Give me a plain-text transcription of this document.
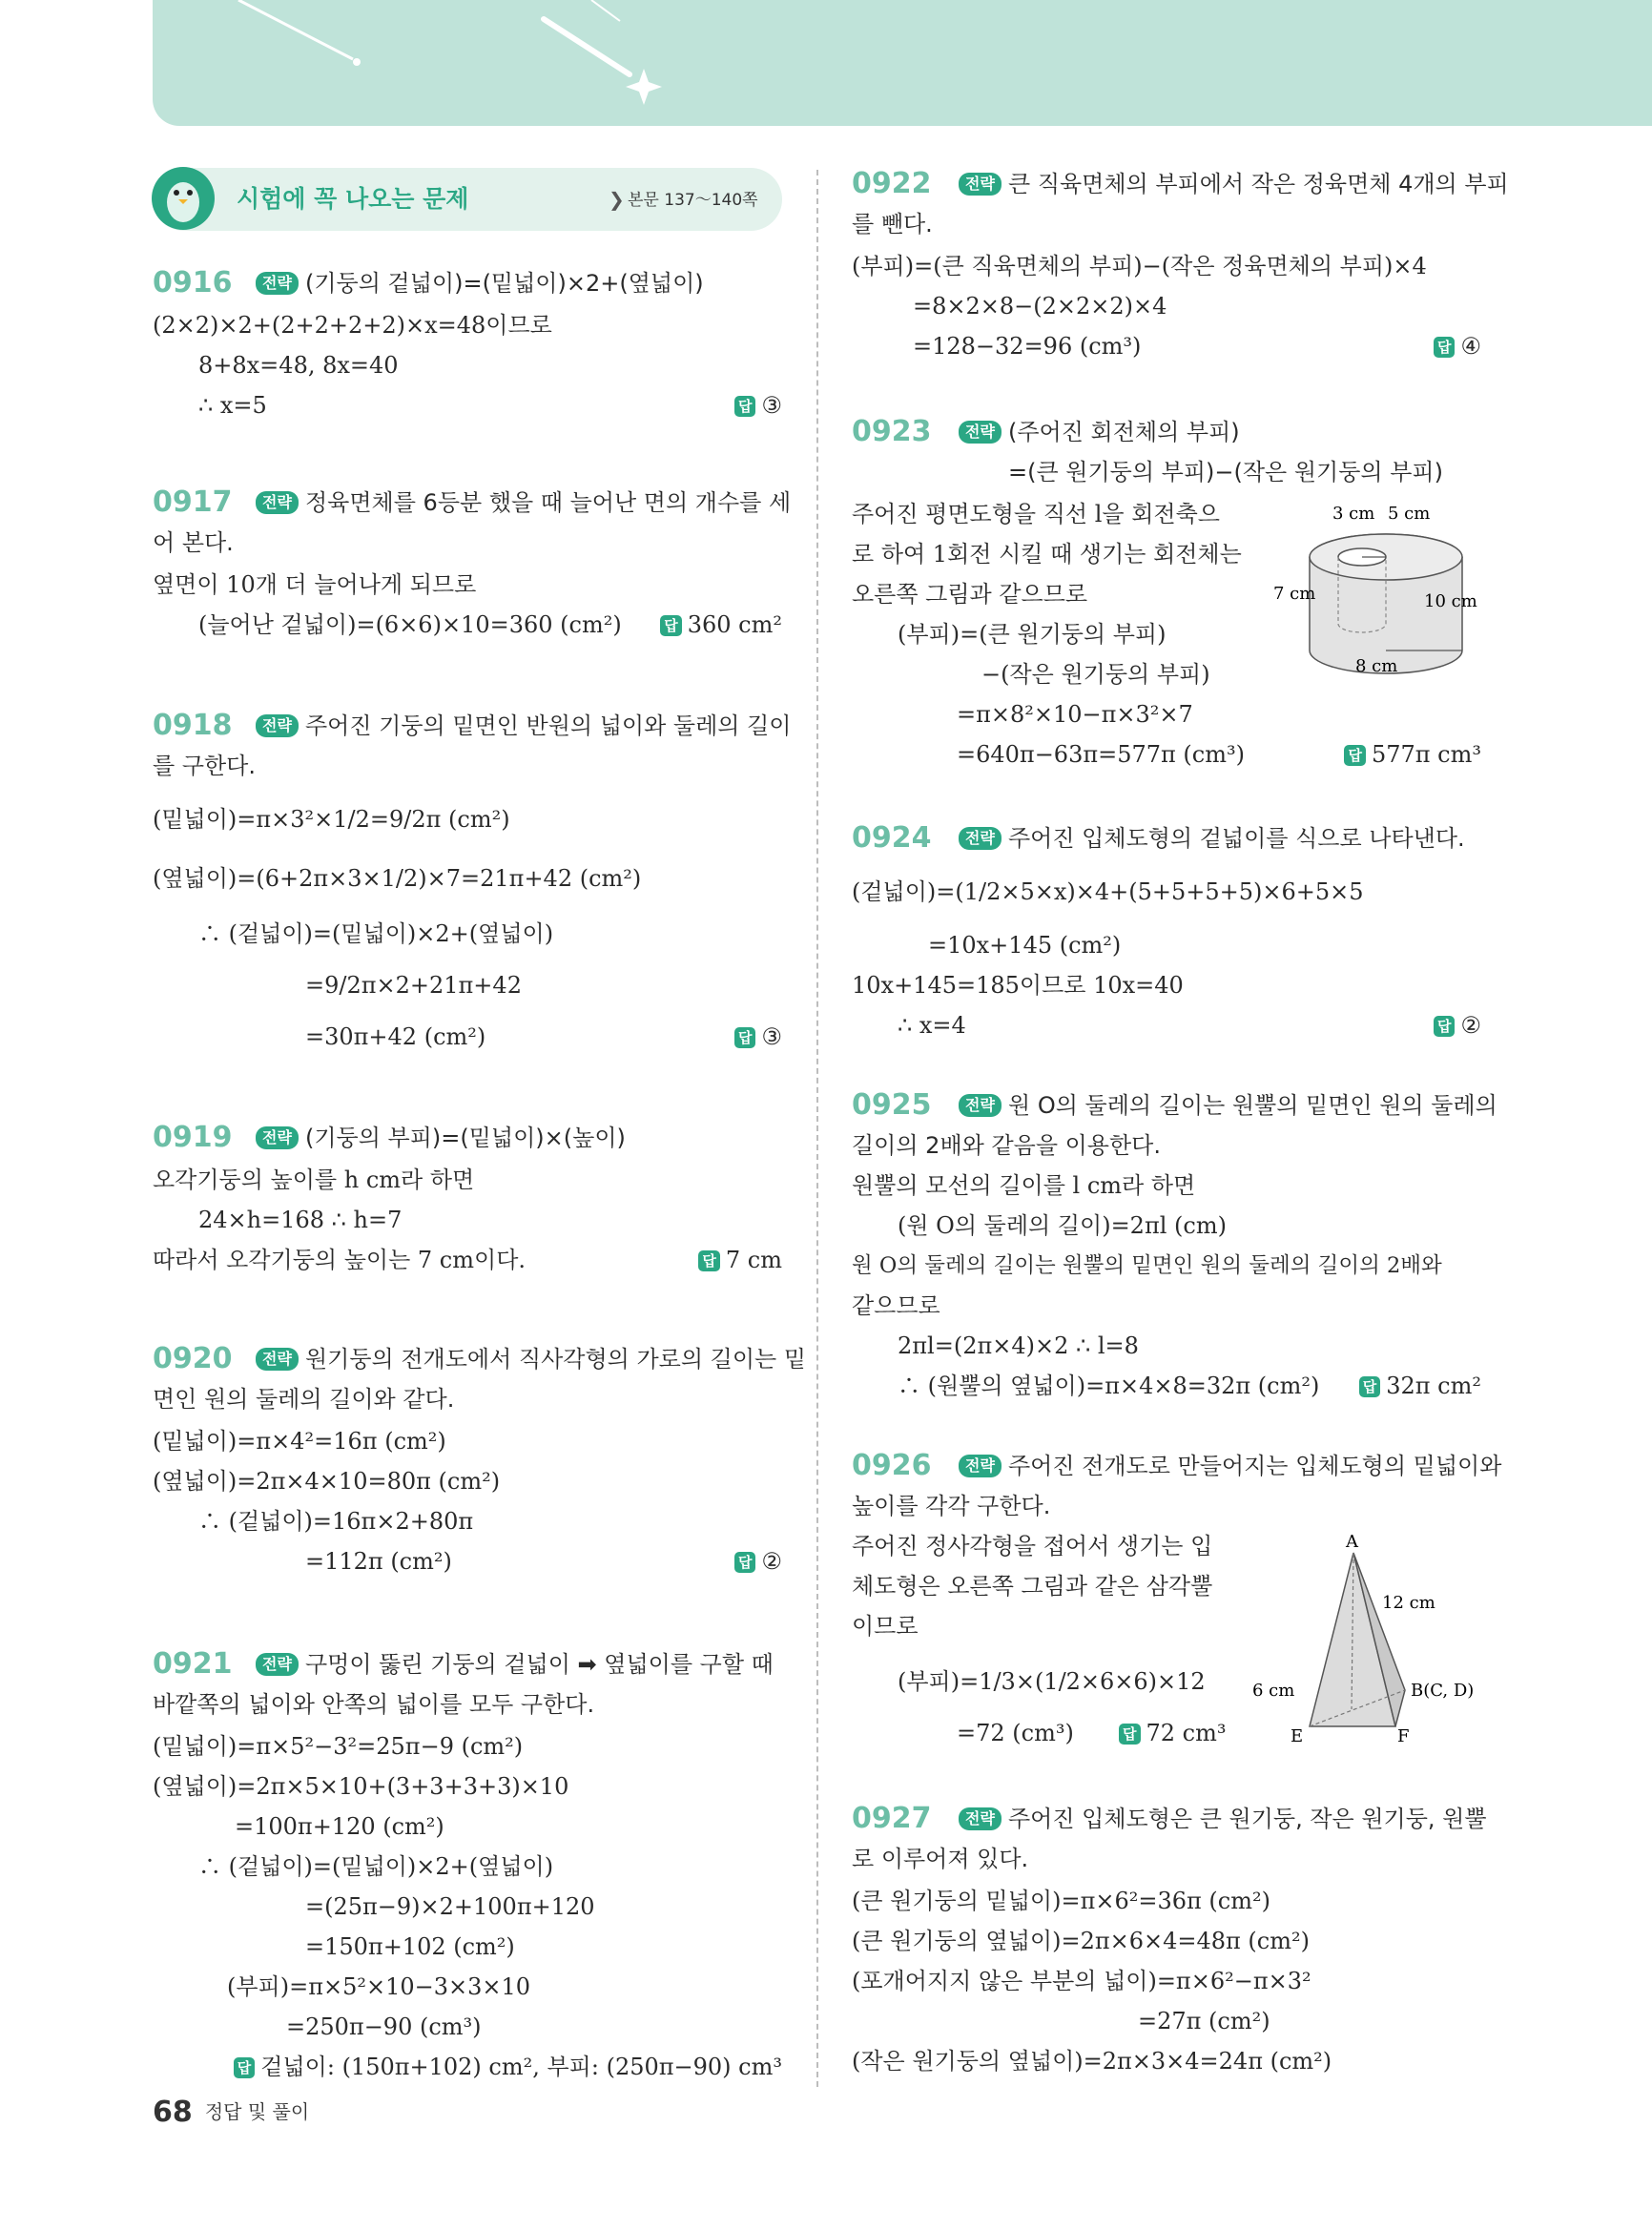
시험에 꼭 나오는 문제	❯ 본문 137～140쪽
0916	전략 (기둥의 겉넓이)=(밑넓이)×2+(옆넓이)
(2×2)×2+(2+2+2+2)×x=48이므로
8+8x=48, 8x=40
∴ x=5	답 ③
0917	전략 정육면체를 6등분 했을 때 늘어난 면의 개수를 세
어 본다.
옆면이 10개 더 늘어나게 되므로
(늘어난 겉넓이)=(6×6)×10=360 (cm²)	답 360 cm²
0918	전략 주어진 기둥의 밑면인 반원의 넓이와 둘레의 길이
를 구한다.
(밑넓이)=π×3²×1/2=9/2π (cm²)
(옆넓이)=(6+2π×3×1/2)×7=21π+42 (cm²)
∴ (겉넓이)=(밑넓이)×2+(옆넓이)
=9/2π×2+21π+42
=30π+42 (cm²)	답 ③
0919	전략 (기둥의 부피)=(밑넓이)×(높이)
오각기둥의 높이를 h cm라 하면
24×h=168 ∴ h=7
따라서 오각기둥의 높이는 7 cm이다.	답 7 cm
0920	전략 원기둥의 전개도에서 직사각형의 가로의 길이는 밑
면인 원의 둘레의 길이와 같다.
(밑넓이)=π×4²=16π (cm²)
(옆넓이)=2π×4×10=80π (cm²)
∴ (겉넓이)=16π×2+80π
=112π (cm²)	답 ②
0921	전략 구멍이 뚫린 기둥의 겉넓이 ➡ 옆넓이를 구할 때
바깥쪽의 넓이와 안쪽의 넓이를 모두 구한다.
(밑넓이)=π×5²−3²=25π−9 (cm²)
(옆넓이)=2π×5×10+(3+3+3+3)×10
=100π+120 (cm²)
∴ (겉넓이)=(밑넓이)×2+(옆넓이)
=(25π−9)×2+100π+120
=150π+102 (cm²)
(부피)=π×5²×10−3×3×10
=250π−90 (cm³)
답 겉넓이: (150π+102) cm², 부피: (250π−90) cm³
0922	전략 큰 직육면체의 부피에서 작은 정육면체 4개의 부피
를 뺀다.
(부피)=(큰 직육면체의 부피)−(작은 정육면체의 부피)×4
=8×2×8−(2×2×2)×4
=128−32=96 (cm³)	답 ④
0923	전략 (주어진 회전체의 부피)
=(큰 원기둥의 부피)−(작은 원기둥의 부피)
주어진 평면도형을 직선 l을 회전축으
로 하여 1회전 시킬 때 생기는 회전체는
오른쪽 그림과 같으므로
(부피)=(큰 원기둥의 부피)
−(작은 원기둥의 부피)
=π×8²×10−π×3²×7
=640π−63π=577π (cm³)	답 577π cm³
3 cm 5 cm
7 cm	10 cm
8 cm
0924	전략 주어진 입체도형의 겉넓이를 식으로 나타낸다.
(겉넓이)=(1/2×5×x)×4+(5+5+5+5)×6+5×5
=10x+145 (cm²)
10x+145=185이므로 10x=40
∴ x=4	답 ②
0925	전략 원 O의 둘레의 길이는 원뿔의 밑면인 원의 둘레의
길이의 2배와 같음을 이용한다.
원뿔의 모선의 길이를 l cm라 하면
(원 O의 둘레의 길이)=2πl (cm)
원 O의 둘레의 길이는 원뿔의 밑면인 원의 둘레의 길이의 2배와
같으므로
2πl=(2π×4)×2 ∴ l=8
∴ (원뿔의 옆넓이)=π×4×8=32π (cm²)	답 32π cm²
0926	전략 주어진 전개도로 만들어지는 입체도형의 밑넓이와
높이를 각각 구한다.
주어진 정사각형을 접어서 생기는 입
체도형은 오른쪽 그림과 같은 삼각뿔
이므로
(부피)=1/3×(1/2×6×6)×12
=72 (cm³)	답 72 cm³
A
12 cm
6 cm	B(C, D)
E	F
0927	전략 주어진 입체도형은 큰 원기둥, 작은 원기둥, 원뿔
로 이루어져 있다.
(큰 원기둥의 밑넓이)=π×6²=36π (cm²)
(큰 원기둥의 옆넓이)=2π×6×4=48π (cm²)
(포개어지지 않은 부분의 넓이)=π×6²−π×3²
=27π (cm²)
(작은 원기둥의 옆넓이)=2π×3×4=24π (cm²)
68 정답 및 풀이
